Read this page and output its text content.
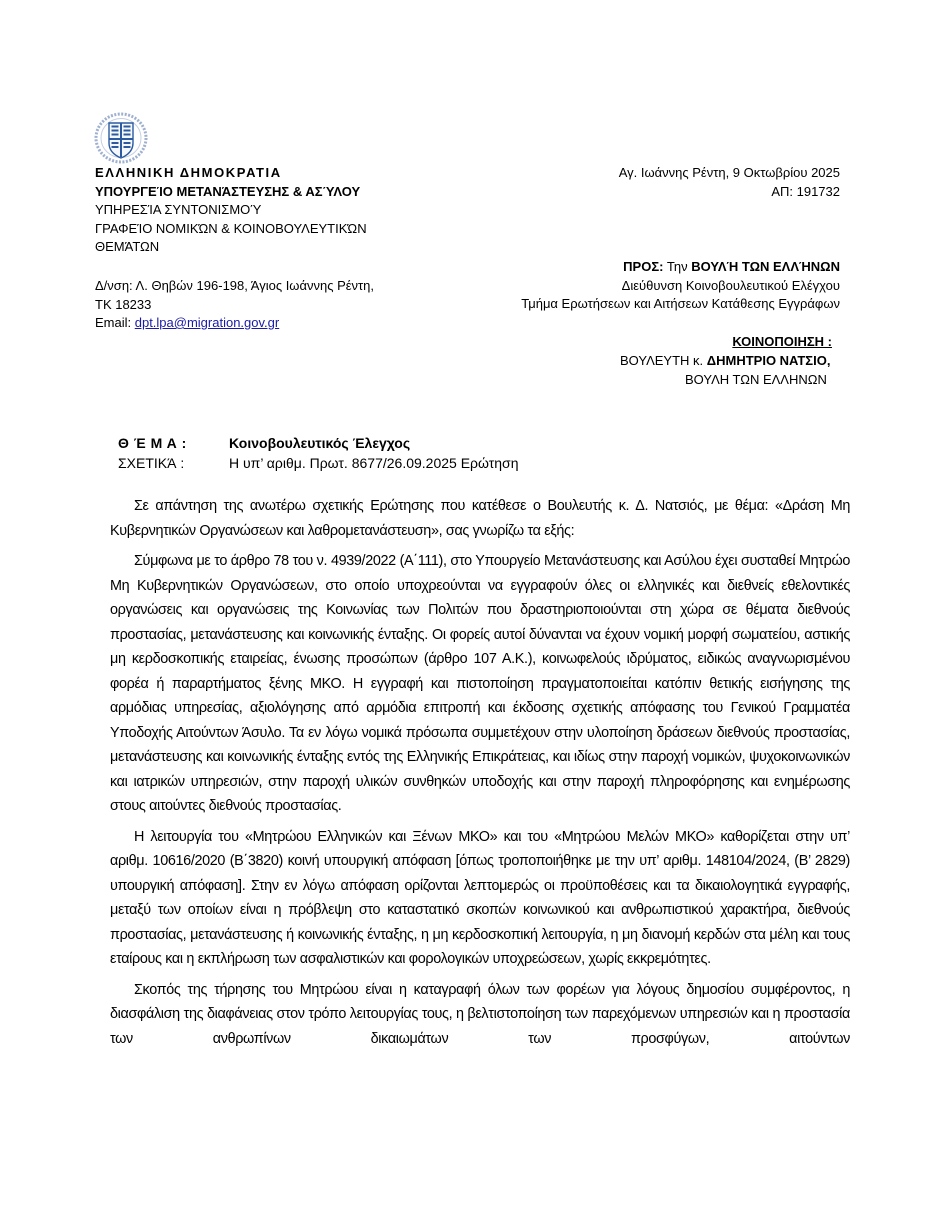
ΕΛΛΗΝΙΚΗ ΔΗΜΟΚΡΑΤΙΑ
ΥΠΟΥΡΓΕΊΟ ΜΕΤΑΝΆΣΤΕΥΣΗΣ & ΑΣΎΛΟΥ
ΥΠΗΡΕΣΊΑ ΣΥΝΤΟΝΙΣΜΟΎ
ΓΡΑΦΕΊΟ ΝΟΜΙΚΏΝ & ΚΟΙΝΟΒΟΥΛΕΥΤΙΚΏΝ
ΘΕΜΆΤΩΝ
Δ/νση: Λ. Θηβών 196-198, Άγιος Ιωάννης Ρέντη,
ΤΚ 18233
Email: dpt.lpa@migration.gov.gr
Αγ. Ιωάννης Ρέντη, 9 Οκτωβρίου 2025
ΑΠ: 191732
ΠΡΟΣ: Την ΒΟΥΛΉ ΤΩΝ ΕΛΛΉΝΩΝ
Διεύθυνση Κοινοβουλευτικού Ελέγχου
Τμήμα Ερωτήσεων και Αιτήσεων Κατάθεσης Εγγράφων
ΚΟΙΝΟΠΟΙΗΣΗ :
ΒΟΥΛΕΥΤΗ κ. ΔΗΜΗΤΡΙΟ ΝΑΤΣΙΟ,
ΒΟΥΛΗ ΤΩΝ ΕΛΛΗΝΩΝ
Θ Έ Μ Α :	Κοινοβουλευτικός Έλεγχος
ΣΧΕΤΙΚΆ :	Η υπ’ αριθμ. Πρωτ. 8677/26.09.2025 Ερώτηση

Σε απάντηση της ανωτέρω σχετικής Ερώτησης που κατέθεσε ο Βουλευτής κ. Δ. Νατσιός, με θέμα: «Δράση Μη Κυβερνητικών Οργανώσεων και λαθρομετανάστευση», σας γνωρίζω τα εξής:

Σύμφωνα με το άρθρο 78 του ν. 4939/2022 (Α΄111), στο Υπουργείο Μετανάστευσης και Ασύλου έχει συσταθεί Μητρώο Μη Κυβερνητικών Οργανώσεων, στο οποίο υποχρεούνται να εγγραφούν όλες οι ελληνικές και διεθνείς εθελοντικές οργανώσεις και οργανώσεις της Κοινωνίας των Πολιτών που δραστηριοποιούνται στη χώρα σε θέματα διεθνούς προστασίας, μετανάστευσης και κοινωνικής ένταξης. Οι φορείς αυτοί δύνανται να έχουν νομική μορφή σωματείου, αστικής μη κερδοσκοπικής εταιρείας, ένωσης προσώπων (άρθρο 107 Α.Κ.), κοινωφελούς ιδρύματος, ειδικώς αναγνωρισμένου φορέα ή παραρτήματος ξένης ΜΚΟ. Η εγγραφή και πιστοποίηση πραγματοποιείται κατόπιν θετικής εισήγησης της αρμόδιας υπηρεσίας, αξιολόγησης από αρμόδια επιτροπή και έκδοσης σχετικής απόφασης του Γενικού Γραμματέα Υποδοχής Αιτούντων Άσυλο. Τα εν λόγω νομικά πρόσωπα συμμετέχουν στην υλοποίηση δράσεων διεθνούς προστασίας, μετανάστευσης και κοινωνικής ένταξης εντός της Ελληνικής Επικράτειας, και ιδίως στην παροχή νομικών, ψυχοκοινωνικών και ιατρικών υπηρεσιών, στην παροχή υλικών συνθηκών υποδοχής και στην παροχή πληροφόρησης και ενημέρωσης στους αιτούντες διεθνούς προστασίας.

Η λειτουργία του «Μητρώου Ελληνικών και Ξένων ΜΚΟ» και του «Μητρώου Μελών ΜΚΟ» καθορίζεται στην υπ’ αριθμ. 10616/2020 (Β΄3820) κοινή υπουργική απόφαση [όπως τροποποιήθηκε με την υπ’ αριθμ. 148104/2024, (Β’ 2829) υπουργική απόφαση]. Στην εν λόγω απόφαση ορίζονται λεπτομερώς οι προϋποθέσεις και τα δικαιολογητικά εγγραφής, μεταξύ των οποίων είναι η πρόβλεψη στο καταστατικό σκοπών κοινωνικού και ανθρωπιστικού χαρακτήρα, διεθνούς προστασίας, μετανάστευσης ή κοινωνικής ένταξης, η μη κερδοσκοπική λειτουργία, η μη διανομή κερδών στα μέλη και τους εταίρους και η εκπλήρωση των ασφαλιστικών και φορολογικών υποχρεώσεων, χωρίς εκκρεμότητες.

Σκοπός της τήρησης του Μητρώου είναι η καταγραφή όλων των φορέων για λόγους δημοσίου συμφέροντος, η διασφάλιση της διαφάνειας στον τρόπο λειτουργίας τους, η βελτιστοποίηση των παρεχόμενων υπηρεσιών και η προστασία των ανθρωπίνων δικαιωμάτων των προσφύγων, αιτούντων
